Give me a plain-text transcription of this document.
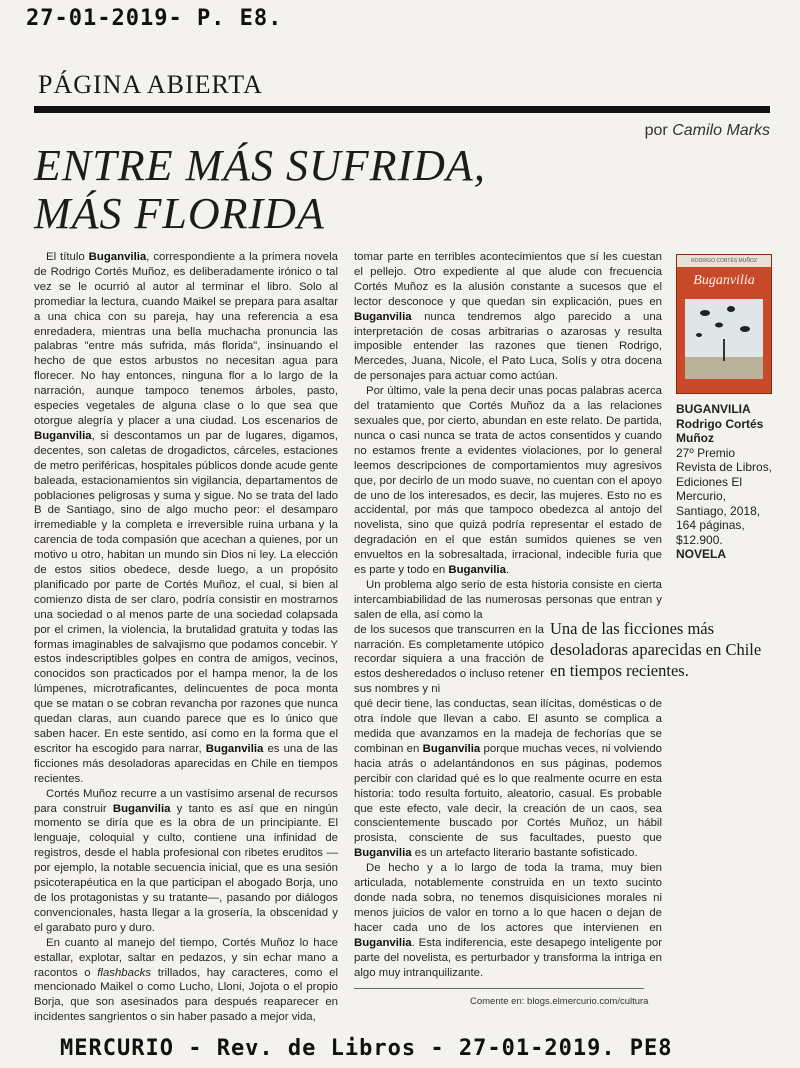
27-01-2019- P. E8.
PÁGINA ABIERTA
por Camilo Marks
ENTRE MÁS SUFRIDA,
MÁS FLORIDA

El título Buganvilia, correspondiente a la primera novela de Rodrigo Cortés Muñoz, es deliberadamente irónico o tal vez se le ocurrió al autor al terminar el libro. Solo al promediar la lectura, cuando Maikel se prepara para asaltar a una chica con su pareja, hay una referencia a esa enredadera, mientras una bella muchacha pronuncia las palabras "entre más sufrida, más florida", insinuando el hecho de que estos arbustos no necesitan agua para florecer. No hay entonces, ninguna flor a lo largo de la narración, aunque tampoco tenemos árboles, pasto, especies vegetales de alguna clase o lo que sea que otorgue alegría y placer a una ciudad. Los escenarios de Buganvilia, si descontamos un par de lugares, digamos, decentes, son caletas de drogadictos, cárceles, estaciones de metro periféricas, hospitales públicos donde acude gente baleada, estacionamientos sin vigilancia, departamentos de poblaciones peligrosas y suma y sigue. No se trata del lado B de Santiago, sino de algo mucho peor: el desamparo irremediable y la completa e irreversible ruina urbana y la carencia de toda compasión que acechan a quienes, por un motivo u otro, habitan un mundo sin Dios ni ley. La elección de estos sitios obedece, desde luego, a un propósito planificado por parte de Cortés Muñoz, el cual, si bien al comienzo dista de ser claro, podría consistir en mostrarnos una sociedad o al menos parte de una sociedad colapsada por el crimen, la violencia, la brutalidad gratuita y todas las formas imaginables de salvajismo que podamos concebir. Y estos indescriptibles golpes en contra de amigos, vecinos, conocidos son practicados por el hampa menor, la de los lúmpenes, microtraficantes, delincuentes de poca monta que se matan o se cobran revancha por razones que nunca quedan claras, aun cuando parece que es lo único que saben hacer. En este sentido, así como en la forma que el escritor ha escogido para narrar, Buganvilia es una de las ficciones más desoladoras aparecidas en Chile en tiempos recientes.

Cortés Muñoz recurre a un vastísimo arsenal de recursos para construir Buganvilia y tanto es así que en ningún momento se diría que es la obra de un principiante. El lenguaje, coloquial y culto, contiene una infinidad de registros, desde el habla profesional con ribetes eruditos —por ejemplo, la notable secuencia inicial, que es una sesión psicoterapéutica en la que participan el abogado Borja, uno de los protagonistas y su tratante—, pasando por diálogos convencionales, hasta llegar a la grosería, la obscenidad y el garabato puro y duro.

En cuanto al manejo del tiempo, Cortés Muñoz lo hace estallar, explotar, saltar en pedazos, y sin echar mano a racontos o flashbacks trillados, hay caracteres, como el mencionado Maikel o como Lucho, Lloni, Jojota o el propio Borja, que son asesinados para después reaparecer en incidentes sangrientos o sin haber pasado a mejor vida,

tomar parte en terribles acontecimientos que sí les cuestan el pellejo. Otro expediente al que alude con frecuencia Cortés Muñoz es la alusión constante a sucesos que el lector desconoce y que quedan sin explicación, pues en Buganvilia nunca tendremos algo parecido a una interpretación de cosas arbitrarias o azarosas y resulta imposible entender las razones que tienen Rodrigo, Mercedes, Juana, Nicole, el Pato Luca, Solís y otra docena de personajes para actuar como actúan.

Por último, vale la pena decir unas pocas palabras acerca del tratamiento que Cortés Muñoz da a las relaciones sexuales que, por cierto, abundan en este relato. De partida, nunca o casi nunca se trata de actos consentidos y cuando no estamos frente a evidentes violaciones, por lo general leemos descripciones de comportamientos muy agresivos que, por decirlo de un modo suave, no cuentan con el apoyo de uno de los interesados, es decir, las mujeres. Esto no es accidental, por más que tampoco obedezca al antojo del novelista, sino que quizá podría representar el estado de degradación en el que están sumidos quienes se ven envueltos en la sobresaltada, irracional, indecible furia que es parte y todo en Buganvilia.

Un problema algo serio de esta historia consiste en cierta intercambiabilidad de las numerosas personas que entran y salen de ella, así como la

de los sucesos que transcurren en la narración. Es completamente utópico recordar siquiera a una fracción de estos desheredados o incluso retener sus nombres y ni

qué decir tiene, las conductas, sean ilícitas, domésticas o de otra índole que llevan a cabo. El asunto se complica a medida que avanzamos en la madeja de fechorías que se combinan en Buganvilia porque muchas veces, ni volviendo hacia atrás o adelantándonos en sus páginas, podemos percibir con claridad qué es lo que realmente ocurre en esta historia: todo resulta fortuito, aleatorio, casual. Es probable que este efecto, vale decir, la creación de un caos, sea conscientemente buscado por Cortés Muñoz, un hábil prosista, consciente de sus facultades, puesto que Buganvilia es un artefacto literario bastante sofisticado.

De hecho y a lo largo de toda la trama, muy bien articulada, notablemente construida en un texto sucinto donde nada sobra, no tenemos disquisiciones morales ni menos juicios de valor en torno a lo que hacen o dejan de hacer cada uno de los actores que intervienen en Buganvilia. Esta indiferencia, este desapego inteligente por parte del novelista, es perturbador y transforma la intriga en algo muy intranquilizante.

RODRIGO CORTÉS MUÑOZ
Buganvilia
BUGANVILIA
Rodrigo Cortés Muñoz
27º Premio Revista de Libros,
Ediciones El Mercurio,
Santiago, 2018,
164 páginas,
$12.900.
NOVELA
Una de las ficciones más desoladoras aparecidas en Chile en tiempos recientes.
Comente en: blogs.elmercurio.com/cultura
MERCURIO - Rev. de Libros - 27-01-2019. PE8
